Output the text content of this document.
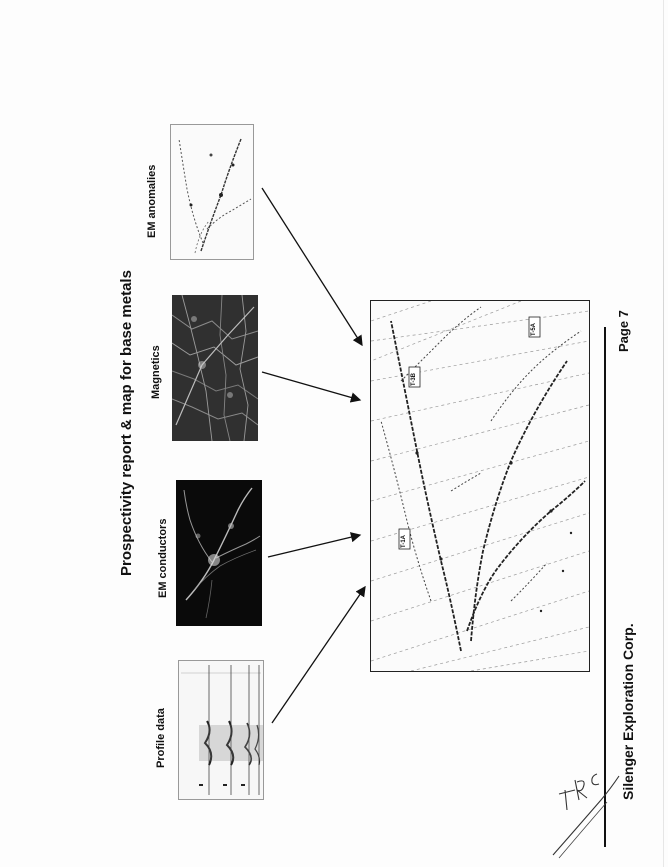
Prospectivity report & map for base metals
Profile data
EM conductors
Magnetics
EM anomalies
T-1A
T-3B
T-5A
Silenger Exploration Corp.
Page 7
